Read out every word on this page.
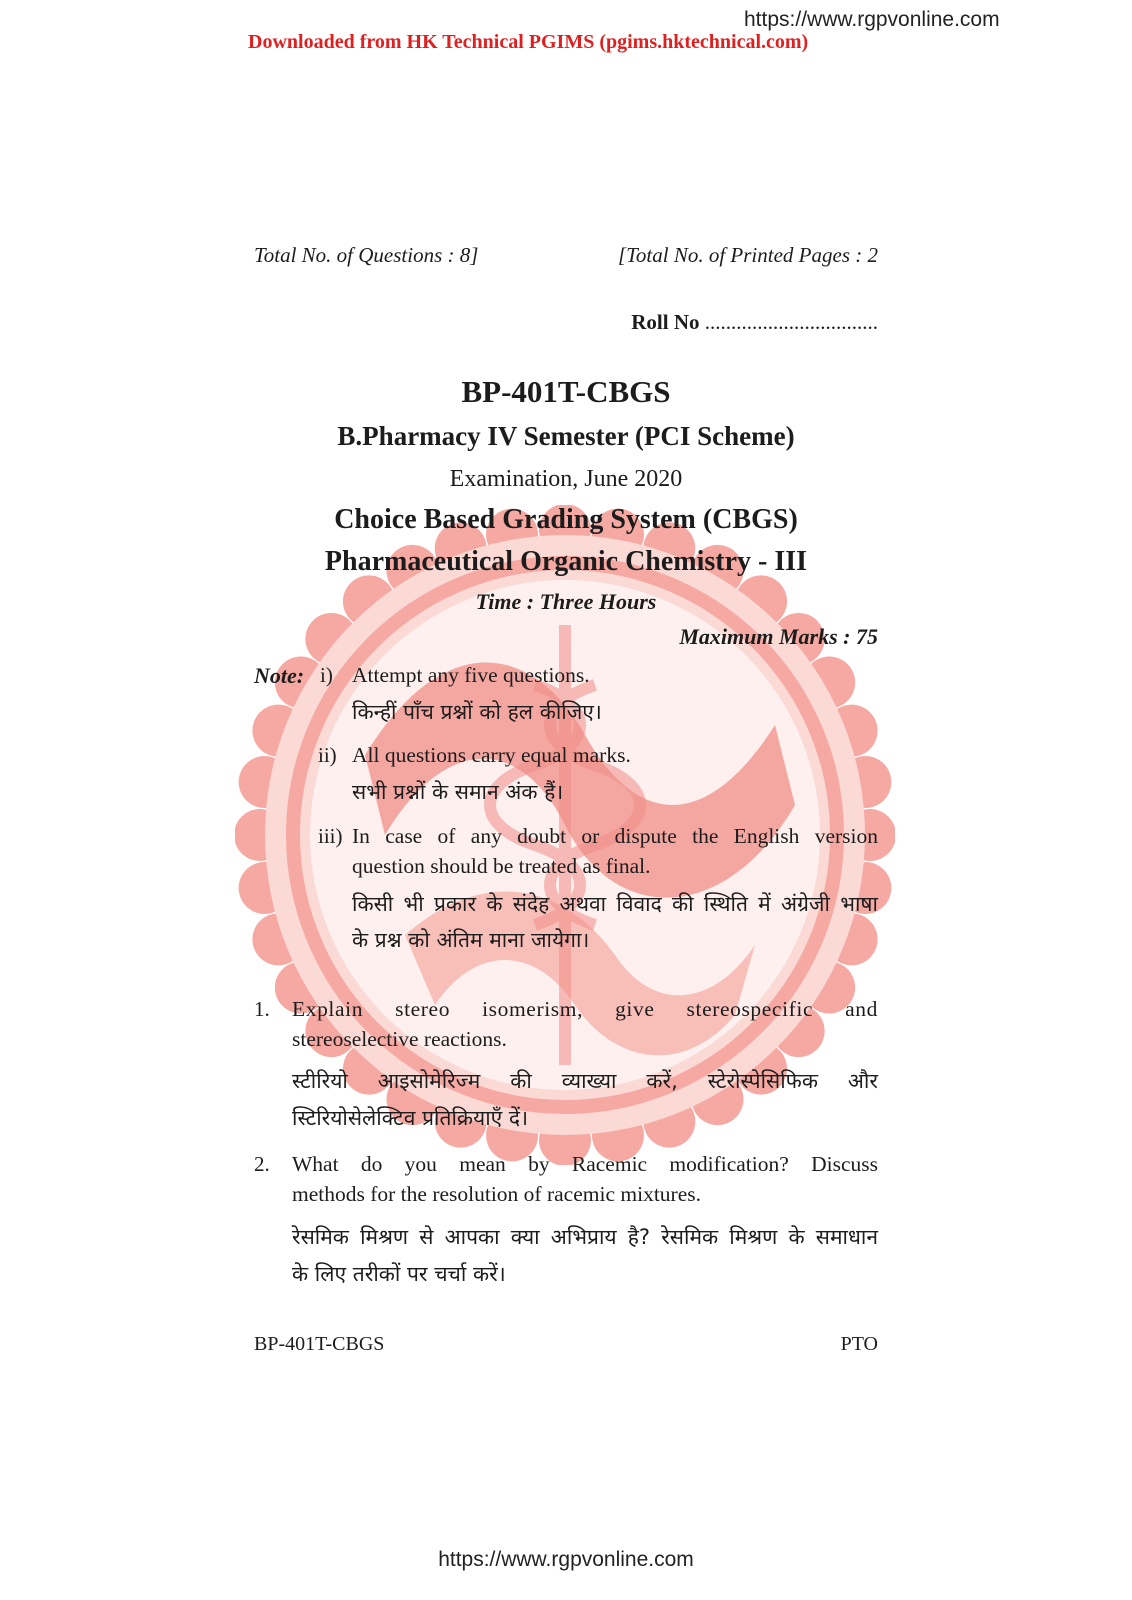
https://www.rgpvonline.com
Downloaded from HK Technical PGIMS (pgims.hktechnical.com)
Total No. of Questions : 8]	[Total No. of Printed Pages : 2
Roll No .................................
BP-401T-CBGS
B.Pharmacy IV Semester (PCI Scheme)
Examination, June 2020
Choice Based Grading System (CBGS)
Pharmaceutical Organic Chemistry - III
Time : Three Hours
Maximum Marks : 75
Note: i) Attempt any five questions.
किन्हीं पाँच प्रश्नों को हल कीजिए।
ii) All questions carry equal marks.
सभी प्रश्नों के समान अंक हैं।
iii) In case of any doubt or dispute the English version
question should be treated as final.
किसी भी प्रकार के संदेह अथवा विवाद की स्थिति में अंग्रेजी भाषा
के प्रश्न को अंतिम माना जायेगा।
1. Explain stereo isomerism, give stereospecific and
stereoselective reactions.
स्टीरियो आइसोमेरिज्म की व्याख्या करें, स्टेरोस्पेसिफिक और
स्टिरियोसेलेक्टिव प्रतिक्रियाएँ दें।
2. What do you mean by Racemic modification? Discuss
methods for the resolution of racemic mixtures.
रेसमिक मिश्रण से आपका क्या अभिप्राय है? रेसमिक मिश्रण के समाधान
के लिए तरीकों पर चर्चा करें।
BP-401T-CBGS	PTO
https://www.rgpvonline.com
